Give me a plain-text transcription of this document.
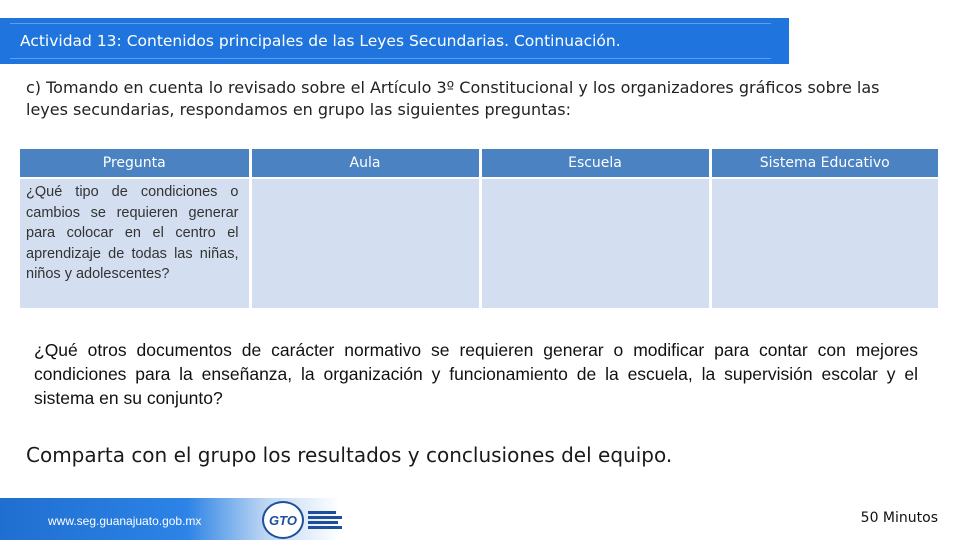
Actividad 13: Contenidos principales de las Leyes Secundarias. Continuación.
c) Tomando en cuenta lo revisado sobre el Artículo 3º Constitucional y los organizadores gráficos sobre las leyes secundarias, respondamos en grupo las siguientes preguntas:
Pregunta	Aula	Escuela	Sistema Educativo
¿Qué tipo de condiciones o cambios se requieren generar para colocar en el centro el aprendizaje de todas las niñas, niños y adolescentes?			
¿Qué otros documentos de carácter normativo se requieren generar o modificar para contar con mejores condiciones para la enseñanza, la organización y funcionamiento de la escuela, la supervisión escolar y el sistema en su conjunto?
Comparta con el grupo los resultados y conclusiones del equipo.
www.seg.guanajuato.gob.mx	GTO	50 Minutos
